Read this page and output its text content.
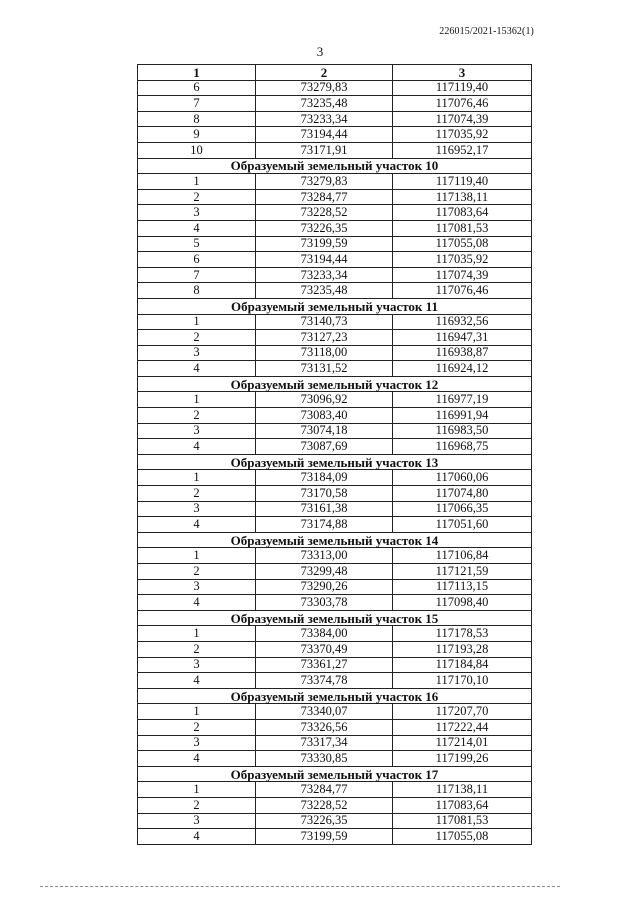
226015/2021-15362(1)
3
1	2	3
6	73279,83	117119,40
7	73235,48	117076,46
8	73233,34	117074,39
9	73194,44	117035,92
10	73171,91	116952,17
Образуемый земельный участок 10		
1	73279,83	117119,40
2	73284,77	117138,11
3	73228,52	117083,64
4	73226,35	117081,53
5	73199,59	117055,08
6	73194,44	117035,92
7	73233,34	117074,39
8	73235,48	117076,46
Образуемый земельный участок 11		
1	73140,73	116932,56
2	73127,23	116947,31
3	73118,00	116938,87
4	73131,52	116924,12
Образуемый земельный участок 12		
1	73096,92	116977,19
2	73083,40	116991,94
3	73074,18	116983,50
4	73087,69	116968,75
Образуемый земельный участок 13		
1	73184,09	117060,06
2	73170,58	117074,80
3	73161,38	117066,35
4	73174,88	117051,60
Образуемый земельный участок 14		
1	73313,00	117106,84
2	73299,48	117121,59
3	73290,26	117113,15
4	73303,78	117098,40
Образуемый земельный участок 15		
1	73384,00	117178,53
2	73370,49	117193,28
3	73361,27	117184,84
4	73374,78	117170,10
Образуемый земельный участок 16		
1	73340,07	117207,70
2	73326,56	117222,44
3	73317,34	117214,01
4	73330,85	117199,26
Образуемый земельный участок 17		
1	73284,77	117138,11
2	73228,52	117083,64
3	73226,35	117081,53
4	73199,59	117055,08
